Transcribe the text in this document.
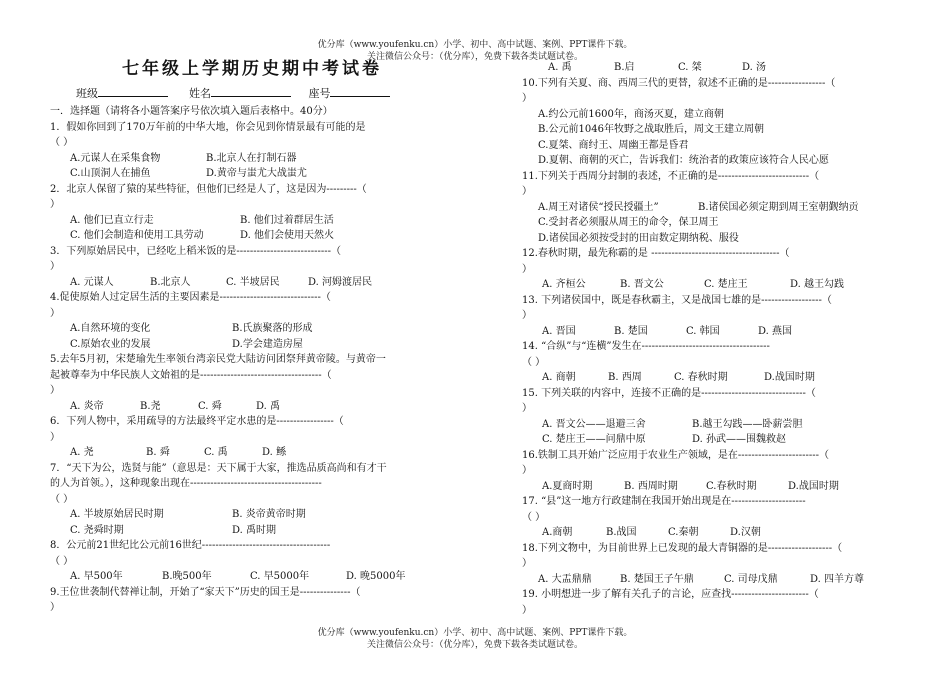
优分库（www.youfenku.cn）小学、初中、高中试题、案例、PPT课件下载。
关注微信公众号：（优分库），免费下载各类试题试卷。
七年级上学期历史期中考试卷
班级	姓名	座号
一．选择题（请将各小题答案序号依次填入题后表格中。40分）
1．假如你回到了170万年前的中华大地，你会见到你情景最有可能的是
（ ）
A.元谋人在采集食物	B.北京人在打制石器
C.山顶洞人在捕鱼	D.黄帝与蚩尤大战蚩尤
2．北京人保留了猿的某些特征，但他们已经是人了，这是因为---------（
）
A. 他们已直立行走	B. 他们过着群居生活
C. 他们会制造和使用工具劳动	D. 他们会使用天然火
3．下列原始居民中，已经吃上稻米饭的是----------------------------（
）
A. 元谋人	B.北京人	C. 半坡居民	D. 河姆渡居民
4.促使原始人过定居生活的主要因素是------------------------------（
）
A.自然环境的变化	B.氏族聚落的形成
C.原始农业的发展	D.学会建造房屋
5.去年5月初，宋楚瑜先生率领台湾亲民党大陆访问团祭拜黄帝陵。与黄帝一
起被尊奉为中华民族人文始祖的是------------------------------------（
）
A. 炎帝	B.尧	C. 舜	D. 禹
6．下列人物中，采用疏导的方法最终平定水患的是-----------------（
）
A. 尧	B. 舜	C. 禹	D. 鲧
7．“天下为公，选贤与能”（意思是：天下属于大家，推选品质高尚和有才干
的人为首领。），这种现象出现在---------------------------------------
（ ）
A. 半坡原始居民时期	B. 炎帝黄帝时期
C. 尧舜时期	D. 禹时期
8．公元前21世纪比公元前16世纪--------------------------------------
（ ）
A. 早500年	B.晚500年	C. 早5000年	D. 晚5000年
9.王位世袭制代替禅让制，开始了“家天下”历史的国王是---------------（
）
A. 禹	B.启	C. 桀	D. 汤
10.下列有关夏、商、西周三代的更替，叙述不正确的是-----------------（
）
A.约公元前1600年，商汤灭夏，建立商朝
B.公元前1046年牧野之战取胜后，周文王建立周朝
C.夏桀、商纣王、周幽王都是昏君
D.夏朝、商朝的灭亡，告诉我们：统治者的政策应该符合人民心愿
11.下列关于西周分封制的表述，不正确的是---------------------------（
）
A.周王对诸侯“授民授疆土”	B.诸侯国必须定期到周王室朝觐纳贡
C.受封者必须服从周王的命令，保卫周王
D.诸侯国必须按受封的田亩数定期纳税、服役
12.春秋时期，最先称霸的是 --------------------------------------（
）
A. 齐桓公	B. 晋文公	C. 楚庄王	D. 越王勾践
13. 下列诸侯国中，既是春秋霸主，又是战国七雄的是------------------（
）
A. 晋国	B. 楚国	C. 韩国	D. 燕国
14. “合纵”与“连横”发生在--------------------------------------
（ ）
A. 商朝	B. 西周	C. 春秋时期	D.战国时期
15. 下列关联的内容中，连接不正确的是-------------------------------（
）
A. 晋文公——退避三舍	B.越王勾践——卧薪尝胆
C. 楚庄王——问鼎中原	D. 孙武——围魏救赵
16.铁制工具开始广泛应用于农业生产领域，是在------------------------（
）
A.夏商时期	B. 西周时期	C.春秋时期	D.战国时期
17. “县”这一地方行政建制在我国开始出现是在----------------------
（ ）
A.商朝	B.战国	C.秦朝	D.汉朝
18.下列文物中，为目前世界上已发现的最大青铜器的是-------------------（
）
A. 大盂鼎鼎	B. 楚国王子午鼎	C. 司母戊鼎	D. 四羊方尊
19. 小明想进一步了解有关孔子的言论，应查找-----------------------（
）
优分库（www.youfenku.cn）小学、初中、高中试题、案例、PPT课件下载。
关注微信公众号：（优分库），免费下载各类试题试卷。
